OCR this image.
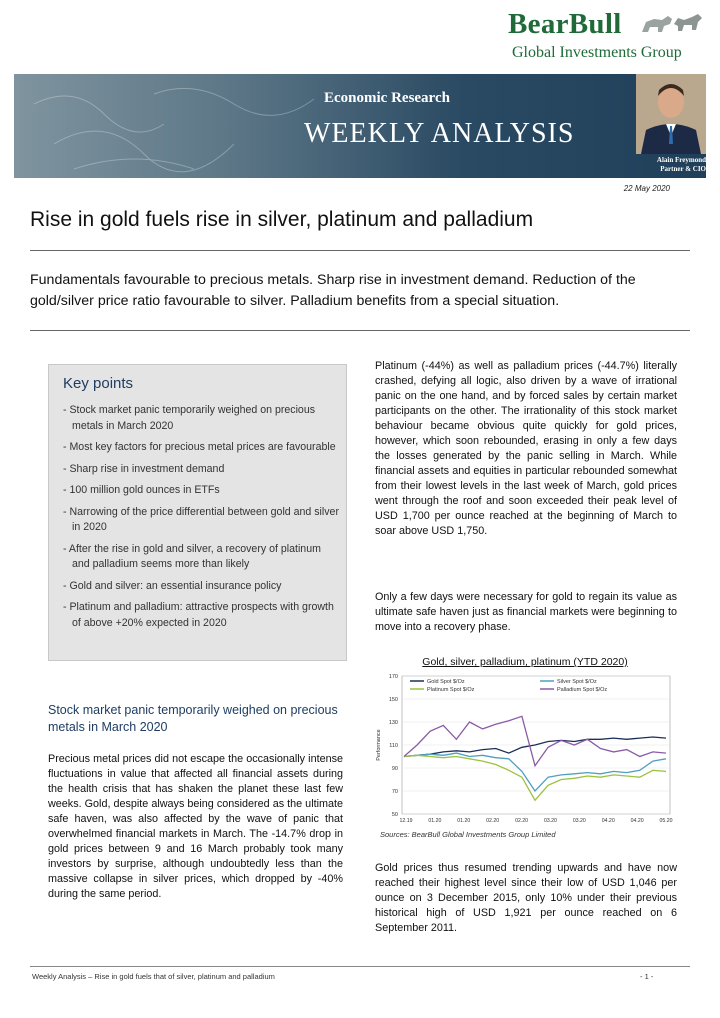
BearBull
Global Investments Group
Economic Research
WEEKLY ANALYSIS
Alain Freymond
Partner & CIO
22 May 2020
Rise in gold fuels rise in silver, platinum and palladium
Fundamentals favourable to precious metals. Sharp rise in investment demand. Reduction of the gold/silver price ratio favourable to silver. Palladium benefits from a special situation.
Key points
- Stock market panic temporarily weighed on precious metals in March 2020
- Most key factors for precious metal prices are favourable
- Sharp rise in investment demand
- 100 million gold ounces in ETFs
- Narrowing of the price differential between gold and silver in 2020
- After the rise in gold and silver, a recovery of platinum and palladium seems more than likely
- Gold and silver: an essential insurance policy
- Platinum and palladium: attractive prospects with growth of above +20% expected in 2020
Stock market panic temporarily weighed on precious metals in March 2020
Precious metal prices did not escape the occasionally intense fluctuations in value that affected all financial assets during the health crisis that has shaken the planet these last few weeks. Gold, despite always being considered as the ultimate safe haven, was also affected by the wave of panic that overwhelmed financial markets in March. The -14.7% drop in gold prices between 9 and 16 March probably took many investors by surprise, although undoubtedly less than the massive collapse in silver prices, which dropped by -40% during the same period.
Platinum (-44%) as well as palladium prices (-44.7%) literally crashed, defying all logic, also driven by a wave of irrational panic on the one hand, and by forced sales by certain market participants on the other. The irrationality of this stock market behaviour became obvious quite quickly for gold prices, however, which soon rebounded, erasing in only a few days the losses generated by the panic selling in March. While financial assets and equities in particular rebounded somewhat from their lowest levels in the last week of March, gold prices went through the roof and soon exceeded their peak level of USD 1,700 per ounce reached at the beginning of March to soar above USD 1,750.
Only a few days were necessary for gold to regain its value as ultimate safe haven just as financial markets were beginning to move into a recovery phase.
Gold, silver, palladium, platinum (YTD 2020)
50
70
90
110
130
150
170
12.19	01.20	01.20	02.20	02.20	03.20	03.20	04.20	04.20	05.20
Performance
Gold Spot $/Oz	Silver Spot $/Oz
Platinum Spot $/Oz	Palladium Spot $/Oz
Sources: BearBull Global Investments Group Limited
Gold prices thus resumed trending upwards and have now reached their highest level since their low of USD 1,046 per ounce on 3 December 2015, only 10% under their previous historical high of USD 1,921 per ounce reached on 6 September 2011.
Weekly Analysis – Rise in gold fuels that of silver, platinum and palladium	- 1 -
